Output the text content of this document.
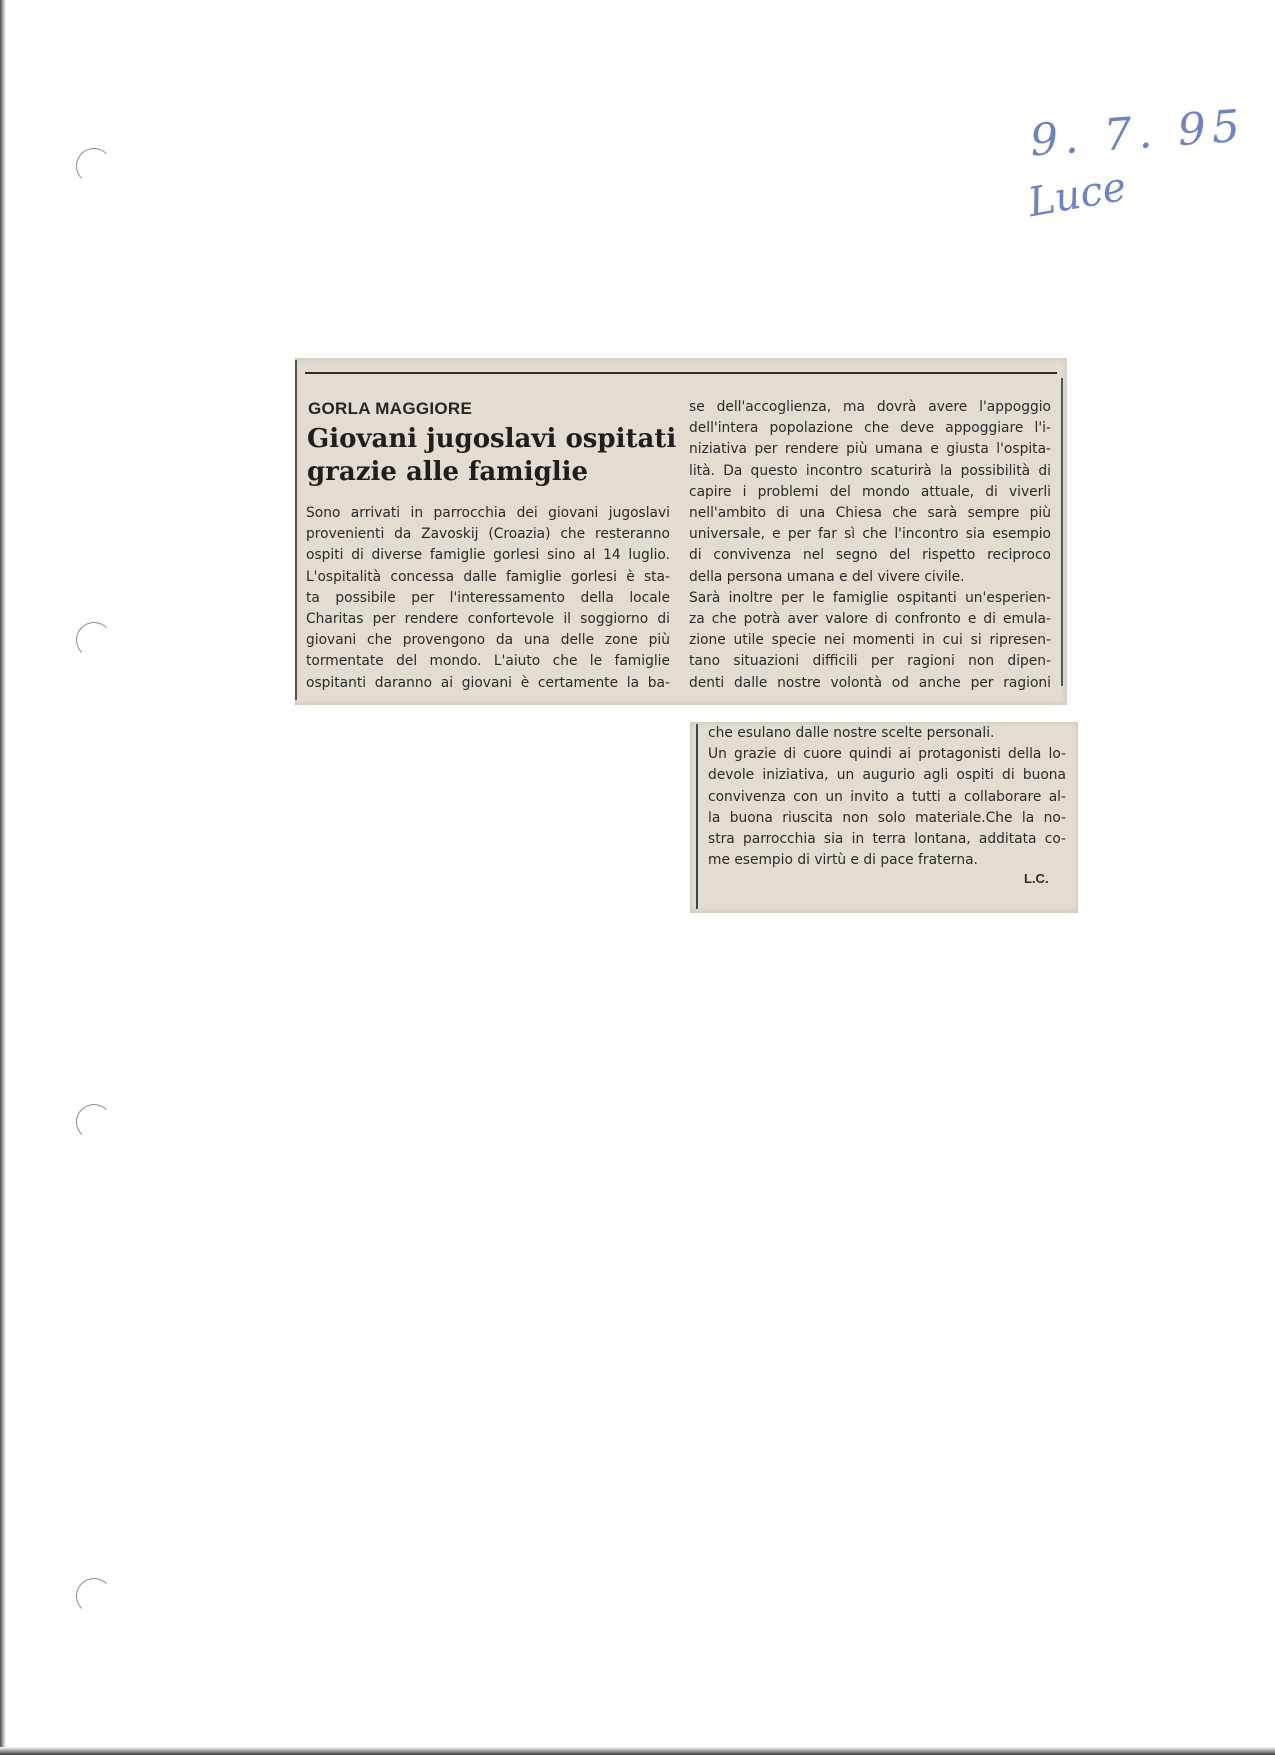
9. 7. 95
Luce
GORLA MAGGIORE
Giovani jugoslavi ospitati
grazie alle famiglie
Sono arrivati in parrocchia dei giovani jugoslavi
provenienti da Zavoskij (Croazia) che resteranno
ospiti di diverse famiglie gorlesi sino al 14 luglio.
L'ospitalità concessa dalle famiglie gorlesi è sta-
ta possibile per l'interessamento della locale
Charitas per rendere confortevole il soggiorno di
giovani che provengono da una delle zone più
tormentate del mondo. L'aiuto che le famiglie
ospitanti daranno ai giovani è certamente la ba-
se dell'accoglienza, ma dovrà avere l'appoggio
dell'intera popolazione che deve appoggiare l'i-
niziativa per rendere più umana e giusta l'ospita-
lità. Da questo incontro scaturirà la possibilità di
capire i problemi del mondo attuale, di viverli
nell'ambito di una Chiesa che sarà sempre più
universale, e per far sì che l'incontro sia esempio
di convivenza nel segno del rispetto reciproco
della persona umana e del vivere civile.
Sarà inoltre per le famiglie ospitanti un'esperien-
za che potrà aver valore di confronto e di emula-
zione utile specie nei momenti in cui si ripresen-
tano situazioni difficili per ragioni non dipen-
denti dalle nostre volontà od anche per ragioni
che esulano dalle nostre scelte personali.
Un grazie di cuore quindi ai protagonisti della lo-
devole iniziativa, un augurio agli ospiti di buona
convivenza con un invito a tutti a collaborare al-
la buona riuscita non solo materiale.Che la no-
stra parrocchia sia in terra lontana, additata co-
me esempio di virtù e di pace fraterna.
L.C.
